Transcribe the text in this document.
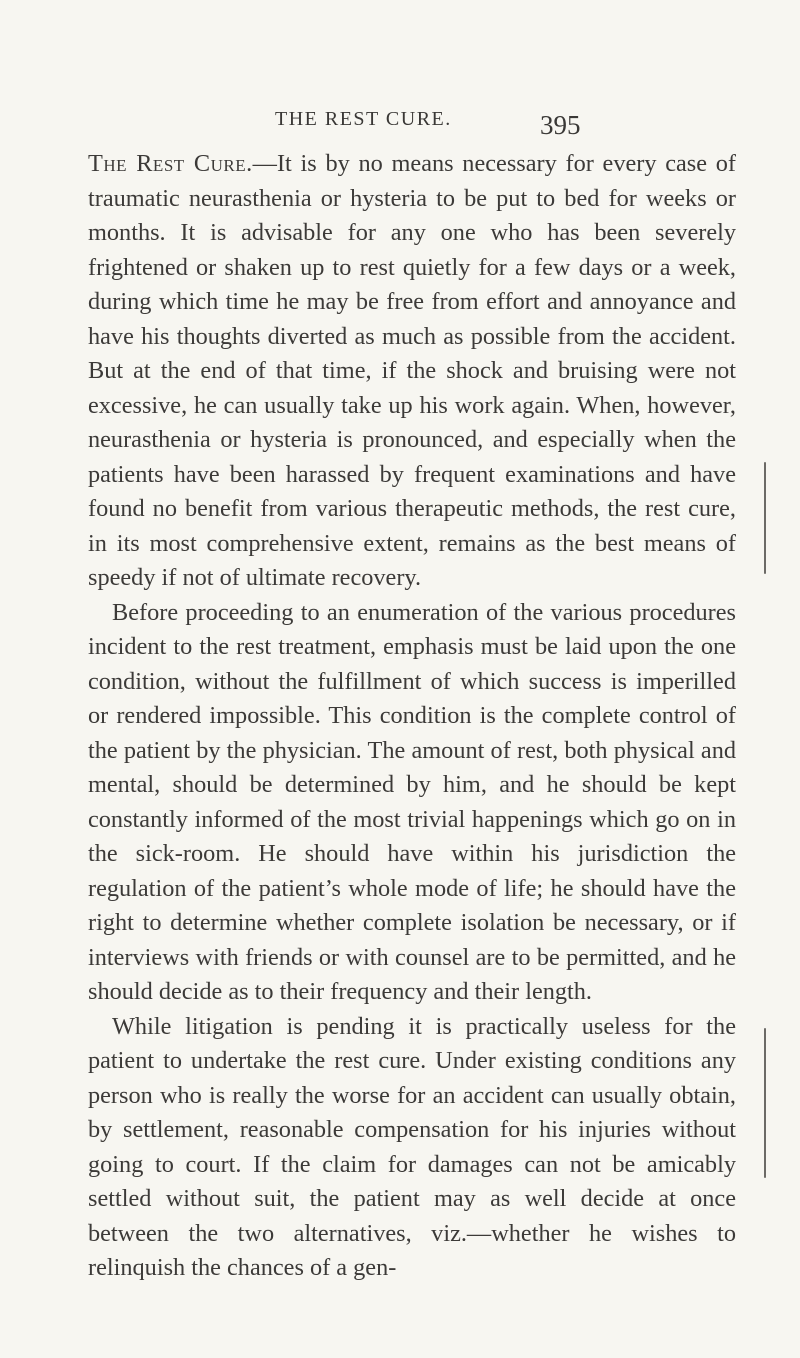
THE REST CURE.	395

The Rest Cure.—It is by no means necessary for every case of traumatic neurasthenia or hysteria to be put to bed for weeks or months. It is advisable for any one who has been severely frightened or shaken up to rest quietly for a few days or a week, during which time he may be free from effort and annoyance and have his thoughts diverted as much as possible from the accident. But at the end of that time, if the shock and bruising were not excessive, he can usually take up his work again. When, however, neurasthenia or hysteria is pronounced, and especially when the patients have been harassed by frequent examinations and have found no benefit from various therapeutic methods, the rest cure, in its most comprehensive extent, remains as the best means of speedy if not of ultimate recovery.

Before proceeding to an enumeration of the various procedures incident to the rest treatment, emphasis must be laid upon the one condition, without the fulfillment of which success is imperilled or rendered impossible. This condition is the complete control of the patient by the physician. The amount of rest, both physical and mental, should be determined by him, and he should be kept constantly informed of the most trivial happenings which go on in the sick-room. He should have within his jurisdiction the regulation of the patient’s whole mode of life; he should have the right to determine whether complete isolation be necessary, or if interviews with friends or with counsel are to be permitted, and he should decide as to their frequency and their length.

While litigation is pending it is practically useless for the patient to undertake the rest cure. Under existing conditions any person who is really the worse for an accident can usually obtain, by settlement, reasonable compensation for his injuries without going to court. If the claim for damages can not be amicably settled without suit, the patient may as well decide at once between the two alternatives, viz.—whether he wishes to relinquish the chances of a gen-
